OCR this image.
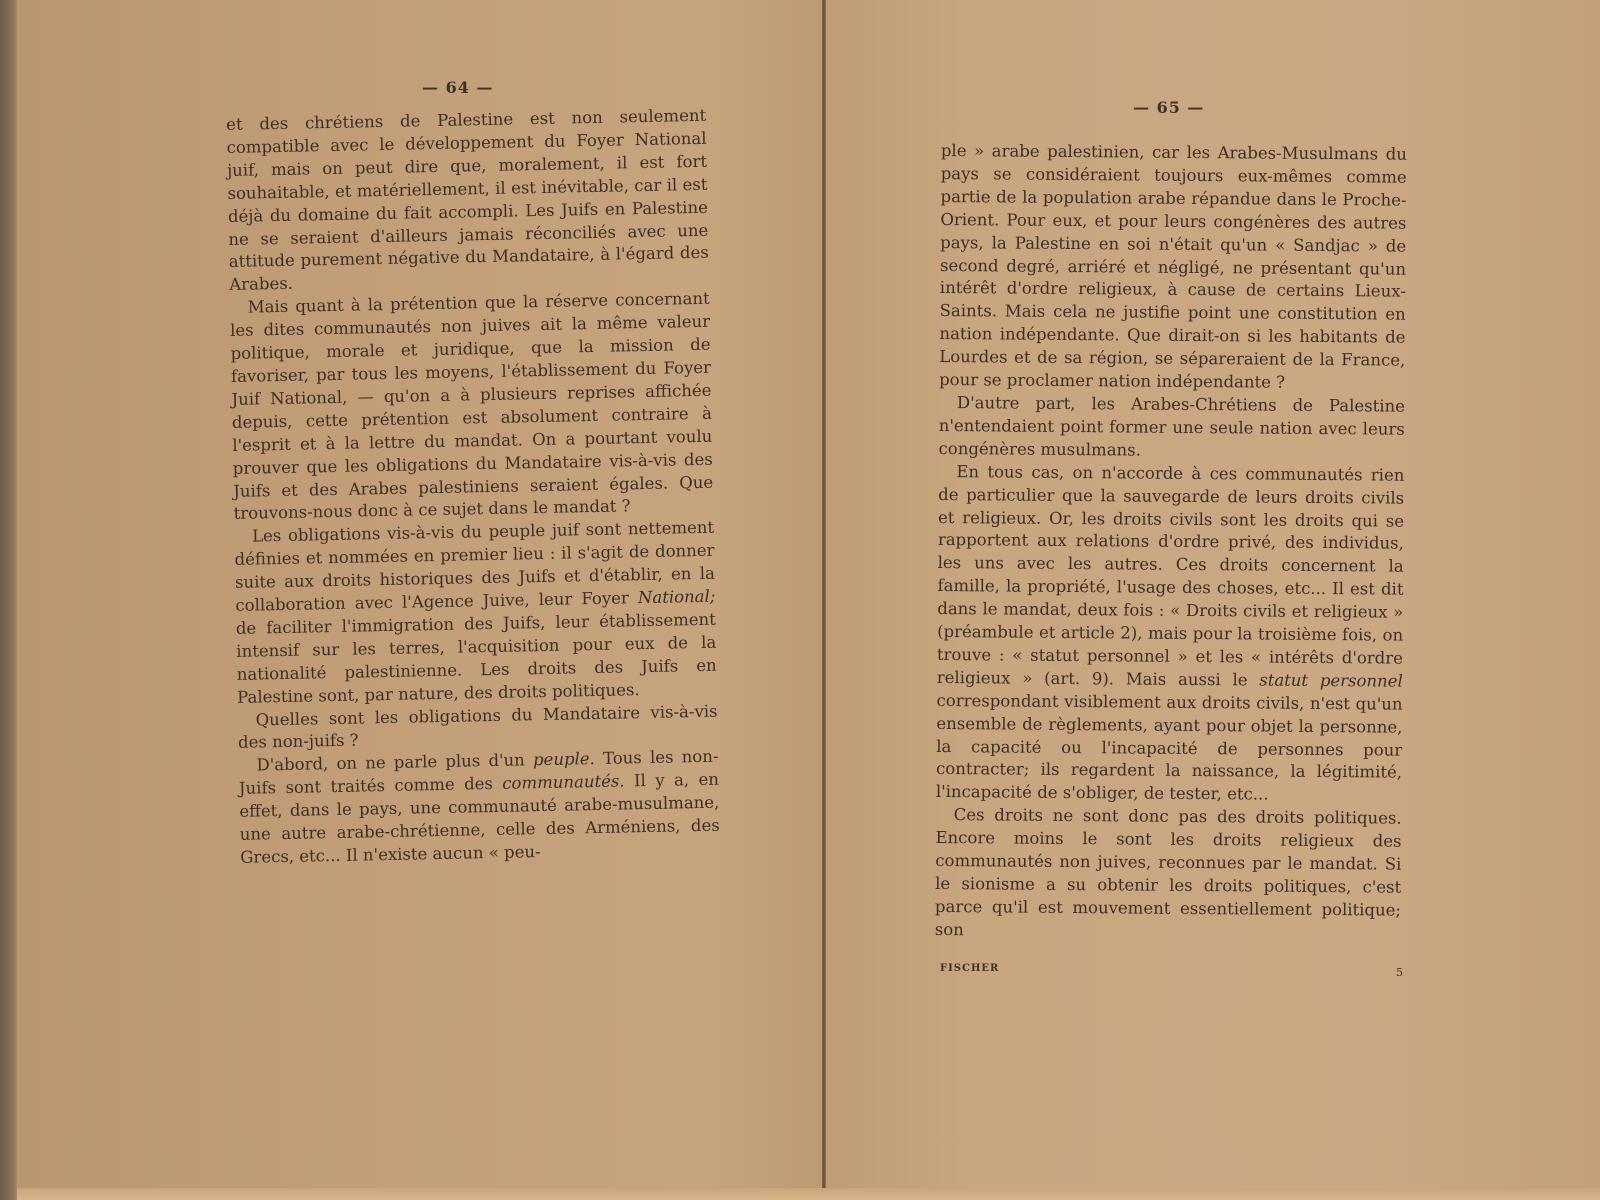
— 64 —

et des chrétiens de Palestine est non seulement compatible avec le développement du Foyer National juif, mais on peut dire que, moralement, il est fort souhaitable, et matériellement, il est inévitable, car il est déjà du domaine du fait accompli. Les Juifs en Palestine ne se seraient d'ailleurs jamais réconciliés avec une attitude purement négative du Mandataire, à l'égard des Arabes.

Mais quant à la prétention que la réserve concernant les dites communautés non juives ait la même valeur politique, morale et juridique, que la mission de favoriser, par tous les moyens, l'établissement du Foyer Juif National, — qu'on a à plusieurs reprises affichée depuis, cette prétention est absolument contraire à l'esprit et à la lettre du mandat. On a pourtant voulu prouver que les obligations du Mandataire vis-à-vis des Juifs et des Arabes palestiniens seraient égales. Que trouvons-nous donc à ce sujet dans le mandat ?

Les obligations vis-à-vis du peuple juif sont nettement définies et nommées en premier lieu : il s'agit de donner suite aux droits historiques des Juifs et d'établir, en la collaboration avec l'Agence Juive, leur Foyer National; de faciliter l'immigration des Juifs, leur établissement intensif sur les terres, l'acquisition pour eux de la nationalité palestinienne. Les droits des Juifs en Palestine sont, par nature, des droits politiques.

Quelles sont les obligations du Mandataire vis-à-vis des non-juifs ?

D'abord, on ne parle plus d'un peuple. Tous les non-Juifs sont traités comme des communautés. Il y a, en effet, dans le pays, une communauté arabe-musulmane, une autre arabe-chrétienne, celle des Arméniens, des Grecs, etc... Il n'existe aucun « peu-

— 65 —

ple » arabe palestinien, car les Arabes-Musulmans du pays se considéraient toujours eux-mêmes comme partie de la population arabe répandue dans le Proche-Orient. Pour eux, et pour leurs congénères des autres pays, la Palestine en soi n'était qu'un « Sandjac » de second degré, arriéré et négligé, ne présentant qu'un intérêt d'ordre religieux, à cause de certains Lieux-Saints. Mais cela ne justifie point une constitution en nation indépendante. Que dirait-on si les habitants de Lourdes et de sa région, se sépareraient de la France, pour se proclamer nation indépendante ?

D'autre part, les Arabes-Chrétiens de Palestine n'entendaient point former une seule nation avec leurs congénères musulmans.

En tous cas, on n'accorde à ces communautés rien de particulier que la sauvegarde de leurs droits civils et religieux. Or, les droits civils sont les droits qui se rapportent aux relations d'ordre privé, des individus, les uns avec les autres. Ces droits concernent la famille, la propriété, l'usage des choses, etc... Il est dit dans le mandat, deux fois : « Droits civils et religieux » (préambule et article 2), mais pour la troisième fois, on trouve : « statut personnel » et les « intérêts d'ordre religieux » (art. 9). Mais aussi le statut personnel correspondant visiblement aux droits civils, n'est qu'un ensemble de règlements, ayant pour objet la personne, la capacité ou l'incapacité de personnes pour contracter; ils regardent la naissance, la légitimité, l'incapacité de s'obliger, de tester, etc...

Ces droits ne sont donc pas des droits politiques. Encore moins le sont les droits religieux des communautés non juives, reconnues par le mandat. Si le sionisme a su obtenir les droits politiques, c'est parce qu'il est mouvement essentiellement politique; son

FISCHER	5
